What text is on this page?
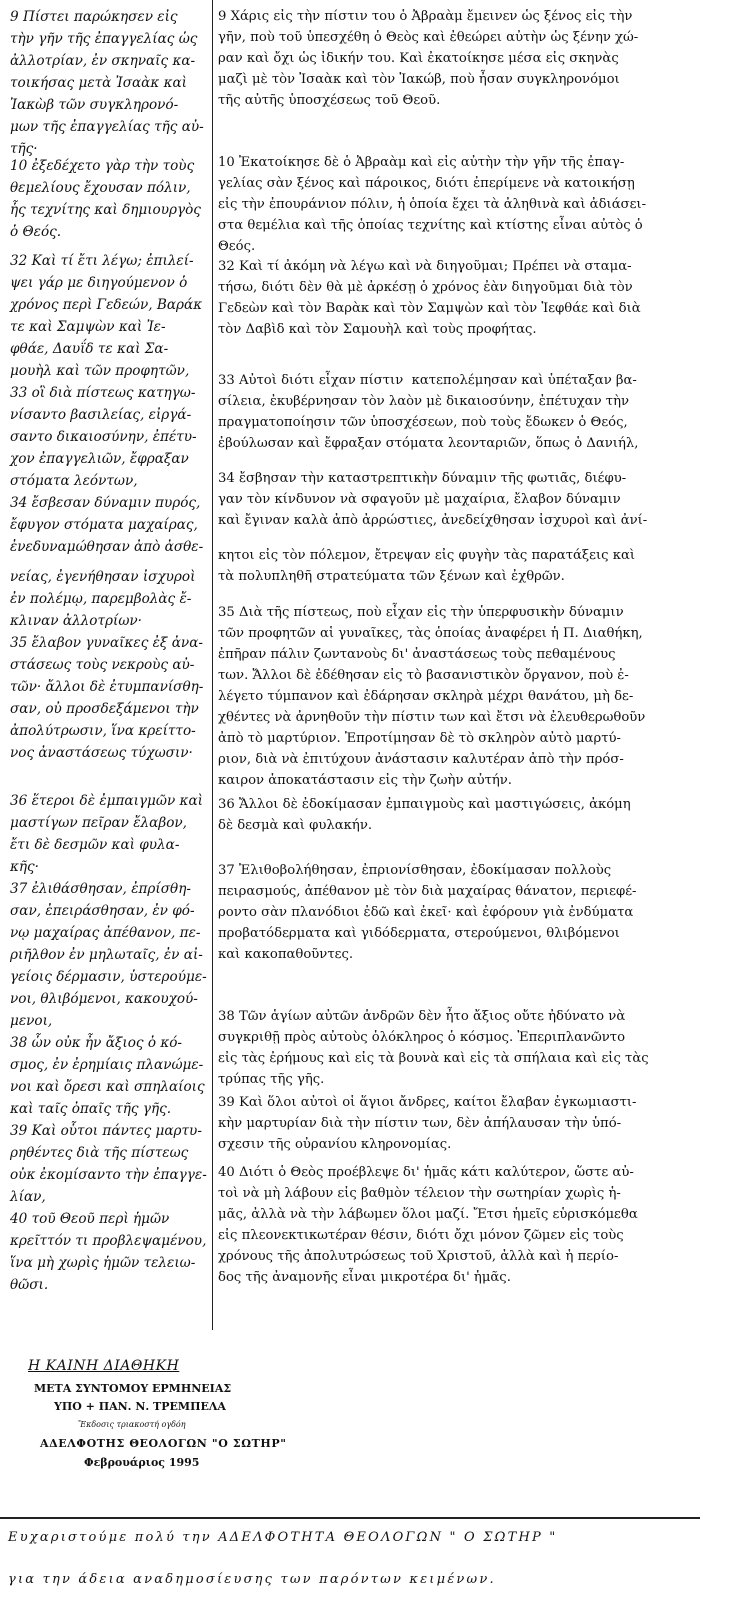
9 Πίστει παρώκησεν εἰς
τὴν γῆν τῆς ἐπαγγελίας ὡς
ἀλλοτρίαν, ἐν σκηναῖς κα-
τοικήσας μετὰ Ἰσαὰκ καὶ
Ἰακὼβ τῶν συγκληρονό-
μων τῆς ἐπαγγελίας τῆς αὐ-
τῆς·
10 ἐξεδέχετο γὰρ τὴν τοὺς
θεμελίους ἔχουσαν πόλιν,
ἧς τεχνίτης καὶ δημιουργὸς
ὁ Θεός.
32 Καὶ τί ἔτι λέγω; ἐπιλεί-
ψει γάρ με διηγούμενον ὁ
χρόνος περὶ Γεδεών, Βαράκ
τε καὶ Σαμψὼν καὶ Ἰε-
φθάε, Δαυΐδ τε καὶ Σα-
μουὴλ καὶ τῶν προφητῶν,
33 οἳ διὰ πίστεως κατηγω-
νίσαντο βασιλείας, εἰργά-
σαντο δικαιοσύνην, ἐπέτυ-
χον ἐπαγγελιῶν, ἔφραξαν
στόματα λεόντων,
34 ἔσβεσαν δύναμιν πυρός,
ἔφυγον στόματα μαχαίρας,
ἐνεδυναμώθησαν ἀπὸ ἀσθε-
νείας, ἐγενήθησαν ἰσχυροὶ
ἐν πολέμῳ, παρεμβολὰς ἔ-
κλιναν ἀλλοτρίων·
35 ἔλαβον γυναῖκες ἐξ ἀνα-
στάσεως τοὺς νεκροὺς αὐ-
τῶν· ἄλλοι δὲ ἐτυμπανίσθη-
σαν, οὐ προσδεξάμενοι τὴν
ἀπολύτρωσιν, ἵνα κρείττο-
νος ἀναστάσεως τύχωσιν·
36 ἕτεροι δὲ ἐμπαιγμῶν καὶ
μαστίγων πεῖραν ἔλαβον,
ἔτι δὲ δεσμῶν καὶ φυλα-
κῆς·
37 ἐλιθάσθησαν, ἐπρίσθη-
σαν, ἐπειράσθησαν, ἐν φό-
νῳ μαχαίρας ἀπέθανον, πε-
ριῆλθον ἐν μηλωταῖς, ἐν αἰ-
γείοις δέρμασιν, ὑστερούμε-
νοι, θλιβόμενοι, κακουχού-
μενοι,
38 ὧν οὐκ ἦν ἄξιος ὁ κό-
σμος, ἐν ἐρημίαις πλανώμε-
νοι καὶ ὄρεσι καὶ σπηλαίοις
καὶ ταῖς ὀπαῖς τῆς γῆς.
39 Καὶ οὗτοι πάντες μαρτυ-
ρηθέντες διὰ τῆς πίστεως
οὐκ ἐκομίσαντο τὴν ἐπαγγε-
λίαν,
40 τοῦ Θεοῦ περὶ ἡμῶν
κρεῖττόν τι προβλεψαμένου,
ἵνα μὴ χωρὶς ἡμῶν τελειω-
θῶσι.
9 Χάρις εἰς τὴν πίστιν του ὁ Ἀβραὰμ ἔμεινεν ὡς ξένος εἰς τὴν
γῆν, ποὺ τοῦ ὑπεσχέθη ὁ Θεὸς καὶ ἐθεώρει αὐτὴν ὡς ξένην χώ-
ραν καὶ ὄχι ὡς ἰδικήν του. Καὶ ἐκατοίκησε μέσα εἰς σκηνὰς
μαζὶ μὲ τὸν Ἰσαὰκ καὶ τὸν Ἰακώβ, ποὺ ἦσαν συγκληρονόμοι
τῆς αὐτῆς ὑποσχέσεως τοῦ Θεοῦ.
10 Ἐκατοίκησε δὲ ὁ Ἀβραὰμ καὶ εἰς αὐτὴν τὴν γῆν τῆς ἐπαγ-
γελίας σὰν ξένος καὶ πάροικος, διότι ἐπερίμενε νὰ κατοικήσῃ
εἰς τὴν ἐπουράνιον πόλιν, ἡ ὁποία ἔχει τὰ ἀληθινὰ καὶ ἀδιάσει-
στα θεμέλια καὶ τῆς ὁποίας τεχνίτης καὶ κτίστης εἶναι αὐτὸς ὁ
Θεός.
32 Καὶ τί ἀκόμη νὰ λέγω καὶ νὰ διηγοῦμαι; Πρέπει νὰ σταμα-
τήσω, διότι δὲν θὰ μὲ ἀρκέσῃ ὁ χρόνος ἐὰν διηγοῦμαι διὰ τὸν
Γεδεὼν καὶ τὸν Βαρὰκ καὶ τὸν Σαμψὼν καὶ τὸν Ἰεφθάε καὶ διὰ
τὸν Δαβὶδ καὶ τὸν Σαμουὴλ καὶ τοὺς προφήτας.
33 Αὐτοὶ διότι εἶχαν πίστιν  κατεπολέμησαν καὶ ὑπέταξαν βα-
σίλεια, ἐκυβέρνησαν τὸν λαὸν μὲ δικαιοσύνην, ἐπέτυχαν τὴν
πραγματοποίησιν τῶν ὑποσχέσεων, ποὺ τοὺς ἔδωκεν ὁ Θεός,
ἐβούλωσαν καὶ ἔφραξαν στόματα λεονταριῶν, ὅπως ὁ Δανιήλ,
34 ἔσβησαν τὴν καταστρεπτικὴν δύναμιν τῆς φωτιᾶς, διέφυ-
γαν τὸν κίνδυνον νὰ σφαγοῦν μὲ μαχαίρια, ἔλαβον δύναμιν
καὶ ἔγιναν καλὰ ἀπὸ ἀρρώστιες, ἀνεδείχθησαν ἰσχυροὶ καὶ ἀνί-
κητοι εἰς τὸν πόλεμον, ἔτρεψαν εἰς φυγὴν τὰς παρατάξεις καὶ
τὰ πολυπληθῆ στρατεύματα τῶν ξένων καὶ ἐχθρῶν.
35 Διὰ τῆς πίστεως, ποὺ εἶχαν εἰς τὴν ὑπερφυσικὴν δύναμιν
τῶν προφητῶν αἱ γυναῖκες, τὰς ὁποίας ἀναφέρει ἡ Π. Διαθήκη,
ἐπῆραν πάλιν ζωντανοὺς δι' ἀναστάσεως τοὺς πεθαμένους
των. Ἄλλοι δὲ ἐδέθησαν εἰς τὸ βασανιστικὸν ὄργανον, ποὺ ἐ-
λέγετο τύμπανον καὶ ἐδάρησαν σκληρὰ μέχρι θανάτου, μὴ δε-
χθέντες νὰ ἀρνηθοῦν τὴν πίστιν των καὶ ἔτσι νὰ ἐλευθερωθοῦν
ἀπὸ τὸ μαρτύριον. Ἐπροτίμησαν δὲ τὸ σκληρὸν αὐτὸ μαρτύ-
ριον, διὰ νὰ ἐπιτύχουν ἀνάστασιν καλυτέραν ἀπὸ τὴν πρόσ-
καιρον ἀποκατάστασιν εἰς τὴν ζωὴν αὐτήν.
36 Ἄλλοι δὲ ἐδοκίμασαν ἐμπαιγμοὺς καὶ μαστιγώσεις, ἀκόμη
δὲ δεσμὰ καὶ φυλακήν.
37 Ἐλιθοβολήθησαν, ἐπριονίσθησαν, ἐδοκίμασαν πολλοὺς
πειρασμούς, ἀπέθανον μὲ τὸν διὰ μαχαίρας θάνατον, περιεφέ-
ροντο σὰν πλανόδιοι ἐδῶ καὶ ἐκεῖ· καὶ ἐφόρουν γιὰ ἐνδύματα
προβατόδερματα καὶ γιδόδερματα, στερούμενοι, θλιβόμενοι
καὶ κακοπαθοῦντες.
38 Τῶν ἁγίων αὐτῶν ἀνδρῶν δὲν ἦτο ἄξιος οὔτε ἠδύνατο νὰ
συγκριθῇ πρὸς αὐτοὺς ὁλόκληρος ὁ κόσμος. Ἐπεριπλανῶντο
εἰς τὰς ἐρήμους καὶ εἰς τὰ βουνὰ καὶ εἰς τὰ σπήλαια καὶ εἰς τὰς
τρύπας τῆς γῆς.
39 Καὶ ὅλοι αὐτοὶ οἱ ἅγιοι ἄνδρες, καίτοι ἔλαβαν ἐγκωμιαστι-
κὴν μαρτυρίαν διὰ τὴν πίστιν των, δὲν ἀπήλαυσαν τὴν ὑπό-
σχεσιν τῆς οὐρανίου κληρονομίας.
40 Διότι ὁ Θεὸς προέβλεψε δι' ἡμᾶς κάτι καλύτερον, ὥστε αὐ-
τοὶ νὰ μὴ λάβουν εἰς βαθμὸν τέλειον τὴν σωτηρίαν χωρὶς ἡ-
μᾶς, ἀλλὰ νὰ τὴν λάβωμεν ὅλοι μαζί. Ἔτσι ἡμεῖς εὑρισκόμεθα
εἰς πλεονεκτικωτέραν θέσιν, διότι ὄχι μόνον ζῶμεν εἰς τοὺς
χρόνους τῆς ἀπολυτρώσεως τοῦ Χριστοῦ, ἀλλὰ καὶ ἡ περίο-
δος τῆς ἀναμονῆς εἶναι μικροτέρα δι' ἡμᾶς.
Η ΚΑΙΝΗ ΔΙΑΘΗΚΗ
ΜΕΤΑ ΣΥΝΤΟΜΟΥ ΕΡΜΗΝΕΙΑΣ
ΥΠΟ + ΠΑΝ. Ν. ΤΡΕΜΠΕΛΑ
Ἔκδοσις τριακοστή ογδόη
ΑΔΕΛΦΟΤΗΣ ΘΕΟΛΟΓΩΝ "Ο ΣΩΤΗΡ"
Φεβρουάριος 1995
Ευχαριστούμε πολύ την ΑΔΕΛΦΟΤΗΤΑ ΘΕΟΛΟΓΩΝ " Ο ΣΩΤΗΡ "
για την άδεια αναδημοσίευσης των παρόντων κειμένων.
